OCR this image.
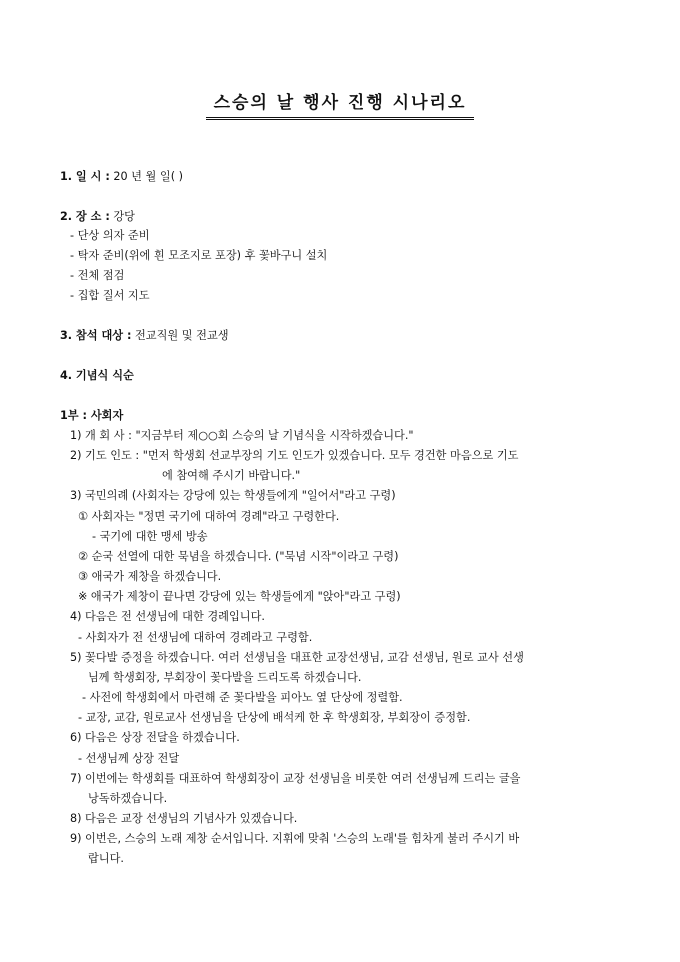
스승의 날 행사 진행 시나리오
1. 일 시 : 20 년 월 일( )
2. 장 소 : 강당
- 단상 의자 준비
- 탁자 준비(위에 흰 모조지로 포장) 후 꽃바구니 설치
- 전체 점검
- 집합 질서 지도
3. 참석 대상 : 전교직원 및 전교생
4. 기념식 식순
1부 : 사회자
1) 개 회 사 : "지금부터 제○○회 스승의 날 기념식을 시작하겠습니다."
2) 기도 인도 : "먼저 학생회 선교부장의 기도 인도가 있겠습니다. 모두 경건한 마음으로 기도
에 참여해 주시기 바랍니다."
3) 국민의례 (사회자는 강당에 있는 학생들에게 "일어서"라고 구령)
① 사회자는 "정면 국기에 대하여 경례"라고 구령한다.
- 국기에 대한 맹세 방송
② 순국 선열에 대한 묵념을 하겠습니다. ("묵념 시작"이라고 구령)
③ 애국가 제창을 하겠습니다.
※ 애국가 제창이 끝나면 강당에 있는 학생들에게 "앉아"라고 구령)
4) 다음은 전 선생님에 대한 경례입니다.
- 사회자가 전 선생님에 대하여 경례라고 구령함.
5) 꽃다발 증정을 하겠습니다. 여러 선생님을 대표한 교장선생님, 교감 선생님, 원로 교사 선생
님께 학생회장, 부회장이 꽃다발을 드리도록 하겠습니다.
- 사전에 학생회에서 마련해 준 꽃다발을 피아노 옆 단상에 정렬함.
- 교장, 교감, 원로교사 선생님을 단상에 배석케 한 후 학생회장, 부회장이 증정함.
6) 다음은 상장 전달을 하겠습니다.
- 선생님께 상장 전달
7) 이번에는 학생회를 대표하여 학생회장이 교장 선생님을 비롯한 여러 선생님께 드리는 글을
낭독하겠습니다.
8) 다음은 교장 선생님의 기념사가 있겠습니다.
9) 이번은, 스승의 노래 제창 순서입니다. 지휘에 맞춰 '스승의 노래'를 힘차게 불러 주시기 바
랍니다.
